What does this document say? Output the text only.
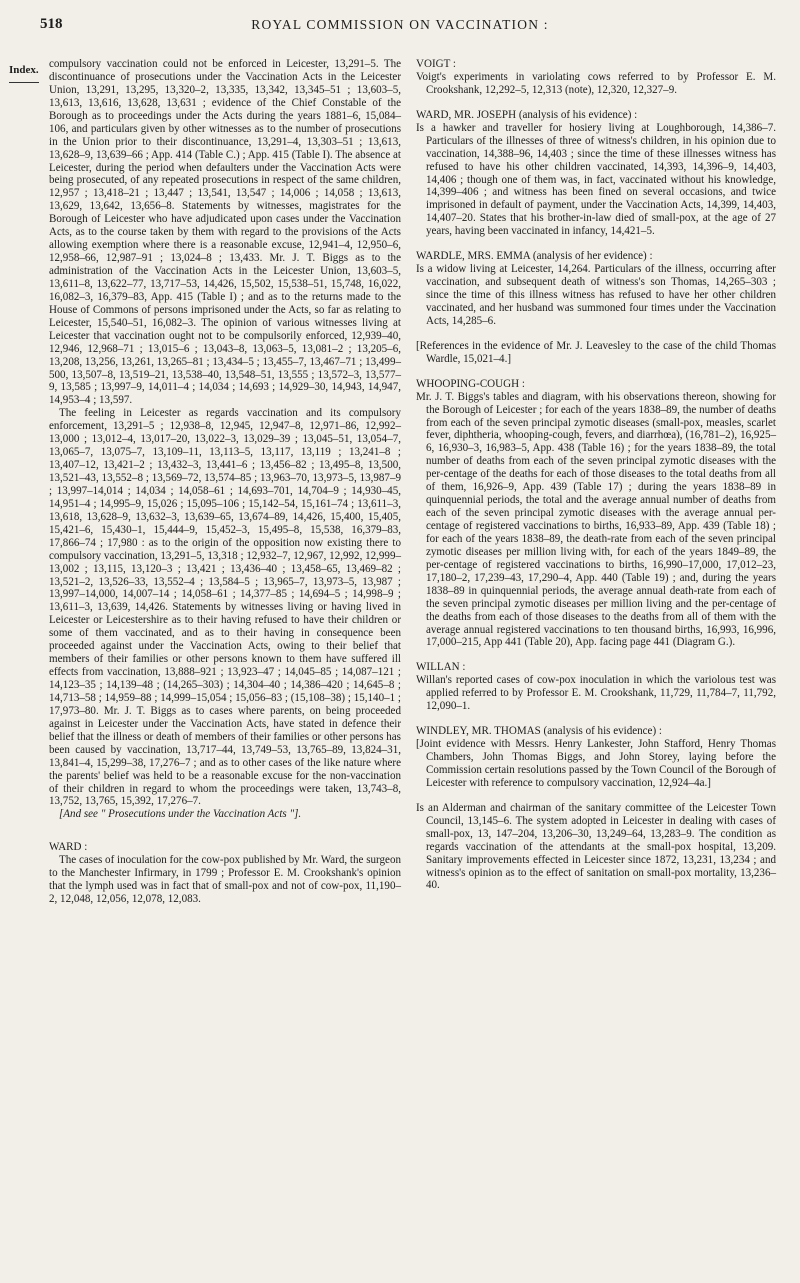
518	ROYAL COMMISSION ON VACCINATION :
Index. compulsory vaccination could not be enforced in Leicester, 13,291–5. The discontinuance of prosecutions under the Vaccination Acts in the Leicester Union, 13,291, 13,295, 13,320–2, 13,335, 13,342, 13,345–51 ; 13,603–5, 13,613, 13,616, 13,628, 13,631 ; evidence of the Chief Constable of the Borough as to proceedings under the Acts during the years 1881–6, 15,084–106, and particulars given by other witnesses as to the number of prosecutions in the Union prior to their discontinuance, 13,291–4, 13,303–51 ; 13,613, 13,628–9, 13,639–66 ; App. 414 (Table C.) ; App. 415 (Table I). The absence at Leicester, during the period when defaulters under the Vaccination Acts were being prosecuted, of any repeated prosecutions in respect of the same children, 12,957 ; 13,418–21 ; 13,447 ; 13,541, 13,547 ; 14,006 ; 14,058 ; 13,613, 13,629, 13,642, 13,656–8. Statements by witnesses, magistrates for the Borough of Leicester who have adjudicated upon cases under the Vaccination Acts, as to the course taken by them with regard to the provisions of the Acts allowing exemption where there is a reasonable excuse, 12,941–4, 12,950–6, 12,958–66, 12,987–91 ; 13,024–8 ; 13,433. Mr. J. T. Biggs as to the administration of the Vaccination Acts in the Leicester Union, 13,603–5, 13,611–8, 13,622–77, 13,717–53, 14,426, 15,502, 15,538–51, 15,748, 16,022, 16,082–3, 16,379–83, App. 415 (Table I) ; and as to the returns made to the House of Commons of persons imprisoned under the Acts, so far as relating to Leicester, 15,540–51, 16,082–3. The opinion of various witnesses living at Leicester that vaccination ought not to be compulsorily enforced, 12,939–40, 12,946, 12,968–71 ; 13,015–6 ; 13,043–8, 13,063–5, 13,081–2 ; 13,205–6, 13,208, 13,256, 13,261, 13,265–81 ; 13,434–5 ; 13,455–7, 13,467–71 ; 13,499–500, 13,507–8, 13,519–21, 13,538–40, 13,548–51, 13,555 ; 13,572–3, 13,577–9, 13,585 ; 13,997–9, 14,011–4 ; 14,034 ; 14,693 ; 14,929–30, 14,943, 14,947, 14,953–4 ; 13,597.

The feeling in Leicester as regards vaccination and its compulsory enforcement, 13,291–5 ; 12,938–8, 12,945, 12,947–8, 12,971–86, 12,992–13,000 ; 13,012–4, 13,017–20, 13,022–3, 13,029–39 ; 13,045–51, 13,054–7, 13,065–7, 13,075–7, 13,109–11, 13,113–5, 13,117, 13,119 ; 13,241–8 ; 13,407–12, 13,421–2 ; 13,432–3, 13,441–6 ; 13,456–82 ; 13,495–8, 13,500, 13,521–43, 13,552–8 ; 13,569–72, 13,574–85 ; 13,963–70, 13,973–5, 13,987–9 ; 13,997–14,014 ; 14,034 ; 14,058–61 ; 14,693–701, 14,704–9 ; 14,930–45, 14,951–4 ; 14,995–9, 15,026 ; 15,095–106 ; 15,142–54, 15,161–74 ; 13,611–3, 13,618, 13,628–9, 13,632–3, 13,639–65, 13,674–89, 14,426, 15,400, 15,405, 15,421–6, 15,430–1, 15,444–9, 15,452–3, 15,495–8, 15,538, 16,379–83, 17,866–74 ; 17,980 : as to the origin of the opposition now existing there to compulsory vaccination, 13,291–5, 13,318 ; 12,932–7, 12,967, 12,992, 12,999–13,002 ; 13,115, 13,120–3 ; 13,421 ; 13,436–40 ; 13,458–65, 13,469–82 ; 13,521–2, 13,526–33, 13,552–4 ; 13,584–5 ; 13,965–7, 13,973–5, 13,987 ; 13,997–14,000, 14,007–14 ; 14,058–61 ; 14,377–85 ; 14,694–5 ; 14,998–9 ; 13,611–3, 13,639, 14,426. Statements by witnesses living or having lived in Leicester or Leicestershire as to their having refused to have their children or some of them vaccinated, and as to their having in consequence been proceeded against under the Vaccination Acts, owing to their belief that members of their families or other persons known to them have suffered ill effects from vaccination, 13,888–921 ; 13,923–47 ; 14,045–85 ; 14,087–121 ; 14,123–35 ; 14,139–48 ; (14,265–303) ; 14,304–40 ; 14,386–420 ; 14,645–8 ; 14,713–58 ; 14,959–88 ; 14,999–15,054 ; 15,056–83 ; (15,108–38) ; 15,140–1 ; 17,973–80. Mr. J. T. Biggs as to cases where parents, on being proceeded against in Leicester under the Vaccination Acts, have stated in defence their belief that the illness or death of members of their families or other persons has been caused by vaccination, 13,717–44, 13,749–53, 13,765–89, 13,824–31, 13,841–4, 15,299–38, 17,276–7 ; and as to other cases of the like nature where the parents' belief was held to be a reasonable excuse for the non-vaccination of their children in regard to whom the proceedings were taken, 13,743–8, 13,752, 13,765, 15,392, 17,276–7.

[And see " Prosecutions under the Vaccination Acts "].

WARD :

The cases of inoculation for the cow-pox published by Mr. Ward, the surgeon to the Manchester Infirmary, in 1799 ; Professor E. M. Crookshank's opinion that the lymph used was in fact that of small-pox and not of cow-pox, 11,190–2, 12,048, 12,056, 12,078, 12,083.

VOIGT :

Voigt's experiments in variolating cows referred to by Professor E. M. Crookshank, 12,292–5, 12,313 (note), 12,320, 12,327–9.

WARD, MR. JOSEPH (analysis of his evidence) :

Is a hawker and traveller for hosiery living at Loughborough, 14,386–7. Particulars of the illnesses of three of witness's children, in his opinion due to vaccination, 14,388–96, 14,403 ; since the time of these illnesses witness has refused to have his other children vaccinated, 14,393, 14,396–9, 14,403, 14,406 ; though one of them was, in fact, vaccinated without his knowledge, 14,399–406 ; and witness has been fined on several occasions, and twice imprisoned in default of payment, under the Vaccination Acts, 14,399, 14,403, 14,407–20. States that his brother-in-law died of small-pox, at the age of 27 years, having been vaccinated in infancy, 14,421–5.

WARDLE, MRS. EMMA (analysis of her evidence) :

Is a widow living at Leicester, 14,264. Particulars of the illness, occurring after vaccination, and subsequent death of witness's son Thomas, 14,265–303 ; since the time of this illness witness has refused to have her other children vaccinated, and her husband was summoned four times under the Vaccination Acts, 14,285–6.

[References in the evidence of Mr. J. Leavesley to the case of the child Thomas Wardle, 15,021–4.]

WHOOPING-COUGH :

Mr. J. T. Biggs's tables and diagram, with his observations thereon, showing for the Borough of Leicester ; for each of the years 1838–89, the number of deaths from each of the seven principal zymotic diseases (small-pox, measles, scarlet fever, diphtheria, whooping-cough, fevers, and diarrhœa), (16,781–2), 16,925–6, 16,930–3, 16,983–5, App. 438 (Table 16) ; for the years 1838–89, the total number of deaths from each of the seven principal zymotic diseases with the per-centage of the deaths for each of those diseases to the total deaths from all of them, 16,926–9, App. 439 (Table 17) ; during the years 1838–89 in quinquennial periods, the total and the average annual number of deaths from each of the seven principal zymotic diseases with the average annual per-centage of registered vaccinations to births, 16,933–89, App. 439 (Table 18) ; for each of the years 1838–89, the death-rate from each of the seven principal zymotic diseases per million living with, for each of the years 1849–89, the per-centage of registered vaccinations to births, 16,990–17,000, 17,012–23, 17,180–2, 17,239–43, 17,290–4, App. 440 (Table 19) ; and, during the years 1838–89 in quinquennial periods, the average annual death-rate from each of the seven principal zymotic diseases per million living and the per-centage of the deaths from each of those diseases to the deaths from all of them with the average annual registered vaccinations to ten thousand births, 16,993, 16,996, 17,000–215, App 441 (Table 20), App. facing page 441 (Diagram G.).

WILLAN :

Willan's reported cases of cow-pox inoculation in which the variolous test was applied referred to by Professor E. M. Crookshank, 11,729, 11,784–7, 11,792, 12,090–1.

WINDLEY, MR. THOMAS (analysis of his evidence) :

[Joint evidence with Messrs. Henry Lankester, John Stafford, Henry Thomas Chambers, John Thomas Biggs, and John Storey, laying before the Commission certain resolutions passed by the Town Council of the Borough of Leicester with reference to compulsory vaccination, 12,924–4a.]

Is an Alderman and chairman of the sanitary committee of the Leicester Town Council, 13,145–6. The system adopted in Leicester in dealing with cases of small-pox, 13, 147–204, 13,206–30, 13,249–64, 13,283–9. The condition as regards vaccination of the attendants at the small-pox hospital, 13,209. Sanitary improvements effected in Leicester since 1872, 13,231, 13,234 ; and witness's opinion as to the effect of sanitation on small-pox mortality, 13,236–40.
